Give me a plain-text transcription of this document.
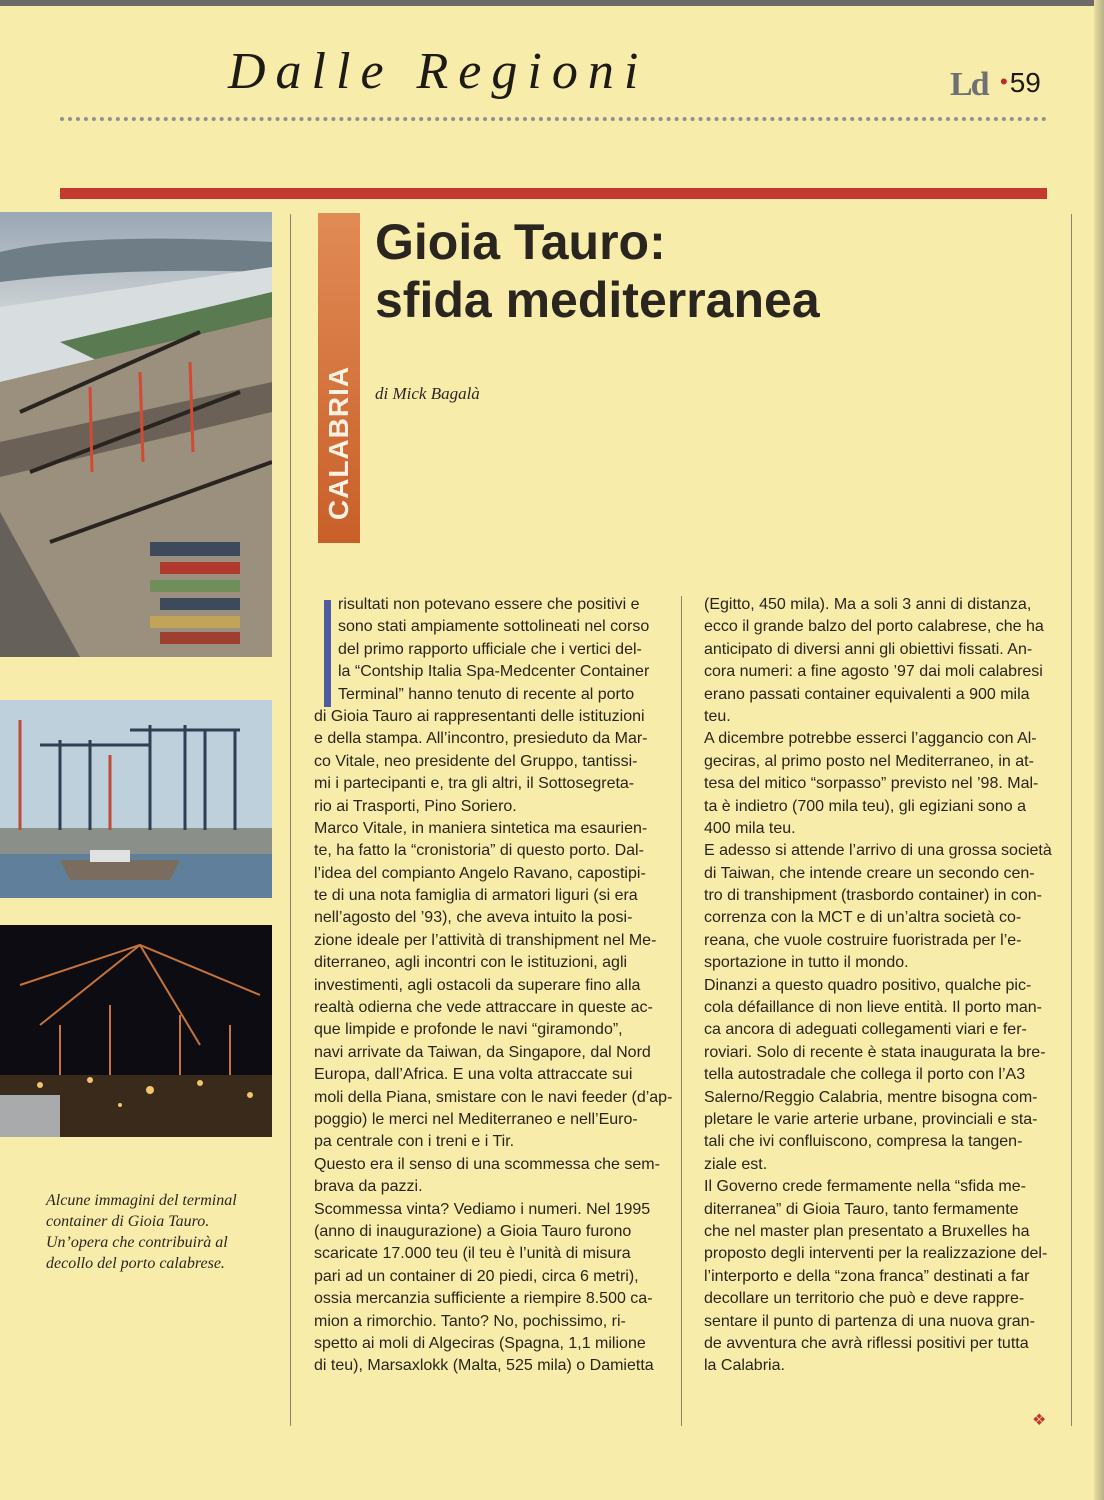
Dalle Regioni	Ld •59
Alcune immagini del terminal
container di Gioia Tauro.
Un’opera che contribuirà al
decollo del porto calabrese.
CALABRIA
Gioia Tauro:
sfida mediterranea
di Mick Bagalà
risultati non potevano essere che positivi e
sono stati ampiamente sottolineati nel corso
del primo rapporto ufficiale che i vertici del-
la “Contship Italia Spa-Medcenter Container
Terminal” hanno tenuto di recente al porto
di Gioia Tauro ai rappresentanti delle istituzioni
e della stampa. All’incontro, presieduto da Mar-
co Vitale, neo presidente del Gruppo, tantissi-
mi i partecipanti e, tra gli altri, il Sottosegreta-
rio ai Trasporti, Pino Soriero.
Marco Vitale, in maniera sintetica ma esaurien-
te, ha fatto la “cronistoria” di questo porto. Dal-
l’idea del compianto Angelo Ravano, capostipi-
te di una nota famiglia di armatori liguri (si era
nell’agosto del ’93), che aveva intuito la posi-
zione ideale per l’attività di transhipment nel Me-
diterraneo, agli incontri con le istituzioni, agli
investimenti, agli ostacoli da superare fino alla
realtà odierna che vede attraccare in queste ac-
que limpide e profonde le navi “giramondo”,
navi arrivate da Taiwan, da Singapore, dal Nord
Europa, dall’Africa. E una volta attraccate sui
moli della Piana, smistare con le navi feeder (d’ap-
poggio) le merci nel Mediterraneo e nell’Euro-
pa centrale con i treni e i Tir.
Questo era il senso di una scommessa che sem-
brava da pazzi.
Scommessa vinta? Vediamo i numeri. Nel 1995
(anno di inaugurazione) a Gioia Tauro furono
scaricate 17.000 teu (il teu è l’unità di misura
pari ad un container di 20 piedi, circa 6 metri),
ossia mercanzia sufficiente a riempire 8.500 ca-
mion a rimorchio. Tanto? No, pochissimo, ri-
spetto ai moli di Algeciras (Spagna, 1,1 milione
di teu), Marsaxlokk (Malta, 525 mila) o Damietta
(Egitto, 450 mila). Ma a soli 3 anni di distanza,
ecco il grande balzo del porto calabrese, che ha
anticipato di diversi anni gli obiettivi fissati. An-
cora numeri: a fine agosto ’97 dai moli calabresi
erano passati container equivalenti a 900 mila
teu.
A dicembre potrebbe esserci l’aggancio con Al-
geciras, al primo posto nel Mediterraneo, in at-
tesa del mitico “sorpasso” previsto nel ’98. Mal-
ta è indietro (700 mila teu), gli egiziani sono a
400 mila teu.
E adesso si attende l’arrivo di una grossa società
di Taiwan, che intende creare un secondo cen-
tro di transhipment (trasbordo container) in con-
correnza con la MCT e di un’altra società co-
reana, che vuole costruire fuoristrada per l’e-
sportazione in tutto il mondo.
Dinanzi a questo quadro positivo, qualche pic-
cola défaillance di non lieve entità. Il porto man-
ca ancora di adeguati collegamenti viari e fer-
roviari. Solo di recente è stata inaugurata la bre-
tella autostradale che collega il porto con l’A3
Salerno/Reggio Calabria, mentre bisogna com-
pletare le varie arterie urbane, provinciali e sta-
tali che ivi confluiscono, compresa la tangen-
ziale est.
Il Governo crede fermamente nella “sfida me-
diterranea” di Gioia Tauro, tanto fermamente
che nel master plan presentato a Bruxelles ha
proposto degli interventi per la realizzazione del-
l’interporto e della “zona franca” destinati a far
decollare un territorio che può e deve rappre-
sentare il punto di partenza di una nuova gran-
de avventura che avrà riflessi positivi per tutta
la Calabria.
❖
